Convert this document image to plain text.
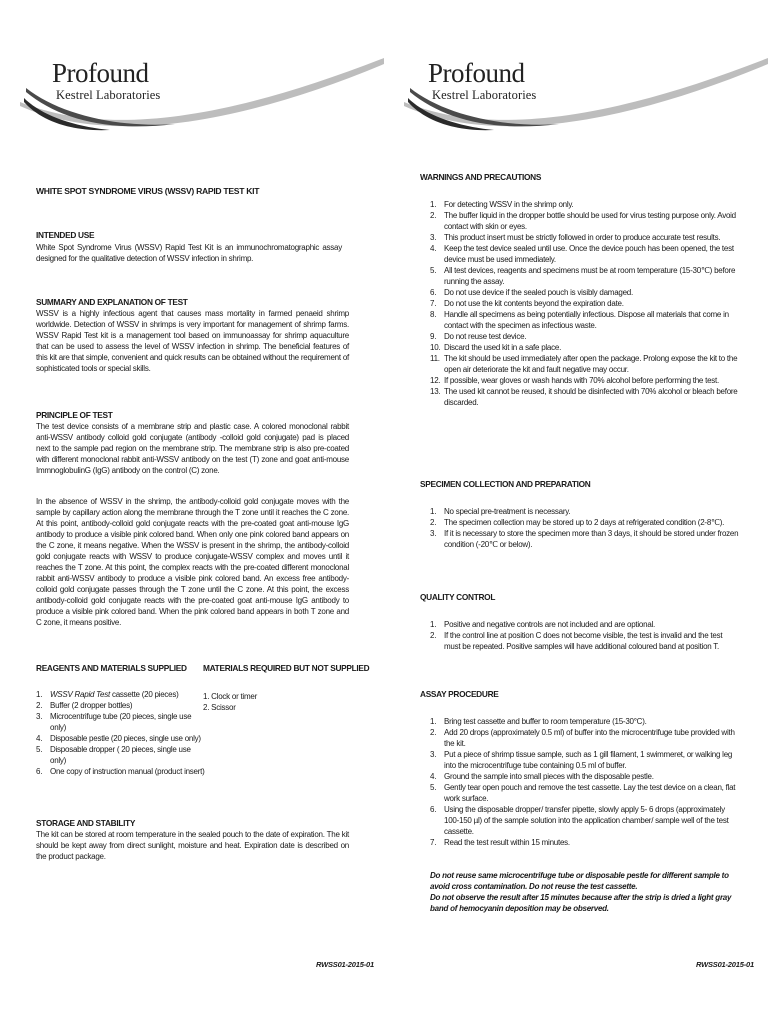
Profound
Kestrel Laboratories
WHITE SPOT SYNDROME VIRUS (WSSV) RAPID TEST KIT
INTENDED USE
White Spot Syndrome Virus (WSSV) Rapid Test Kit is an immunochromatographic assay designed for the qualitative detection of WSSV infection in shrimp.
SUMMARY AND EXPLANATION OF TEST
WSSV is a highly infectious agent that causes mass mortality in farmed penaeid shrimp worldwide. Detection of WSSV in shrimps is very important for management of shrimp farms. WSSV Rapid Test kit is a management tool based on immunoassay for shrimp aquaculture that can be used to assess the level of WSSV infection in shrimp. The beneficial features of this kit are that simple, convenient and quick results can be obtained without the requirement of sophisticated tools or special skills.
PRINCIPLE OF TEST
The test device consists of a membrane strip and plastic case. A colored monoclonal rabbit anti-WSSV antibody colloid gold conjugate (antibody -colloid gold conjugate) pad is placed next to the sample pad region on the membrane strip. The membrane strip is also pre-coated with different monoclonal rabbit anti-WSSV antibody on the test (T) zone and goat anti-mouse ImmnoglobulinG (IgG) antibody on the control (C) zone.
In the absence of WSSV in the shrimp, the antibody-colloid gold conjugate moves with the sample by capillary action along the membrane through the T zone until it reaches the C zone. At this point, antibody-colloid gold conjugate reacts with the pre-coated goat anti-mouse IgG antibody to produce a visible pink colored band. When only one pink colored band appears on the C zone, it means negative. When the WSSV is present in the shrimp, the antibody-colloid gold conjugate reacts with WSSV to produce conjugate-WSSV complex and moves until it reaches the T zone. At this point, the complex reacts with the pre-coated different monoclonal rabbit anti-WSSV antibody to produce a visible pink colored band. An excess free antibody-colloid gold conjugate passes through the T zone until the C zone. At this point, the excess antibody-colloid gold conjugate reacts with the pre-coated goat anti-mouse IgG antibody to produce a visible pink colored band. When the pink colored band appears in both T zone and C zone, it means positive.
REAGENTS AND MATERIALS SUPPLIED MATERIALS REQUIRED BUT NOT SUPPLIED
1. WSSV Rapid Test cassette (20 pieces)
2. Buffer (2 dropper bottles)
3. Microcentrifuge tube (20 pieces, single use only)
4. Disposable pestle (20 pieces, single use only)
5. Disposable dropper ( 20 pieces, single use only)
6. One copy of instruction manual (product insert)
1. Clock or timer
2. Scissor
STORAGE AND STABILITY
The kit can be stored at room temperature in the sealed pouch to the date of expiration. The kit should be kept away from direct sunlight, moisture and heat. Expiration date is described on the product package.
RWSS01-2015-01
Profound
Kestrel Laboratories
WARNINGS AND PRECAUTIONS
1. For detecting WSSV in the shrimp only.
2. The buffer liquid in the dropper bottle should be used for virus testing purpose only. Avoid contact with skin or eyes.
3. This product insert must be strictly followed in order to produce accurate test results.
4. Keep the test device sealed until use. Once the device pouch has been opened, the test device must be used immediately.
5. All test devices, reagents and specimens must be at room temperature (15-30℃) before running the assay.
6. Do not use device if the sealed pouch is visibly damaged.
7. Do not use the kit contents beyond the expiration date.
8. Handle all specimens as being potentially infectious. Dispose all materials that come in contact with the specimen as infectious waste.
9. Do not reuse test device.
10. Discard the used kit in a safe place.
11. The kit should be used immediately after open the package. Prolong expose the kit to the open air deteriorate the kit and fault negative may occur.
12. If possible, wear gloves or wash hands with 70% alcohol before performing the test.
13. The used kit cannot be reused, it should be disinfected with 70% alcohol or bleach before discarded.
SPECIMEN COLLECTION AND PREPARATION
1. No special pre-treatment is necessary.
2. The specimen collection may be stored up to 2 days at refrigerated condition (2-8℃).
3. If it is necessary to store the specimen more than 3 days, it should be stored under frozen condition (-20℃ or below).
QUALITY CONTROL
1. Positive and negative controls are not included and are optional.
2. If the control line at position C does not become visible, the test is invalid and the test must be repeated. Positive samples will have additional coloured band at position T.
ASSAY PROCEDURE
1. Bring test cassette and buffer to room temperature (15-30°C).
2. Add 20 drops (approximately 0.5 ml) of buffer into the microcentrifuge tube provided with the kit.
3. Put a piece of shrimp tissue sample, such as 1 gill filament, 1 swimmeret, or walking leg into the microcentrifuge tube containing 0.5 ml of buffer.
4. Ground the sample into small pieces with the disposable pestle.
5. Gently tear open pouch and remove the test cassette. Lay the test device on a clean, flat work surface.
6. Using the disposable dropper/ transfer pipette, slowly apply 5- 6 drops (approximately 100-150 µl) of the sample solution into the application chamber/ sample well of the test cassette.
7. Read the test result within 15 minutes.
Do not reuse same microcentrifuge tube or disposable pestle for different sample to avoid cross contamination. Do not reuse the test cassette.
Do not observe the result after 15 minutes because after the strip is dried a light gray band of hemocyanin deposition may be observed.
RWSS01-2015-01
